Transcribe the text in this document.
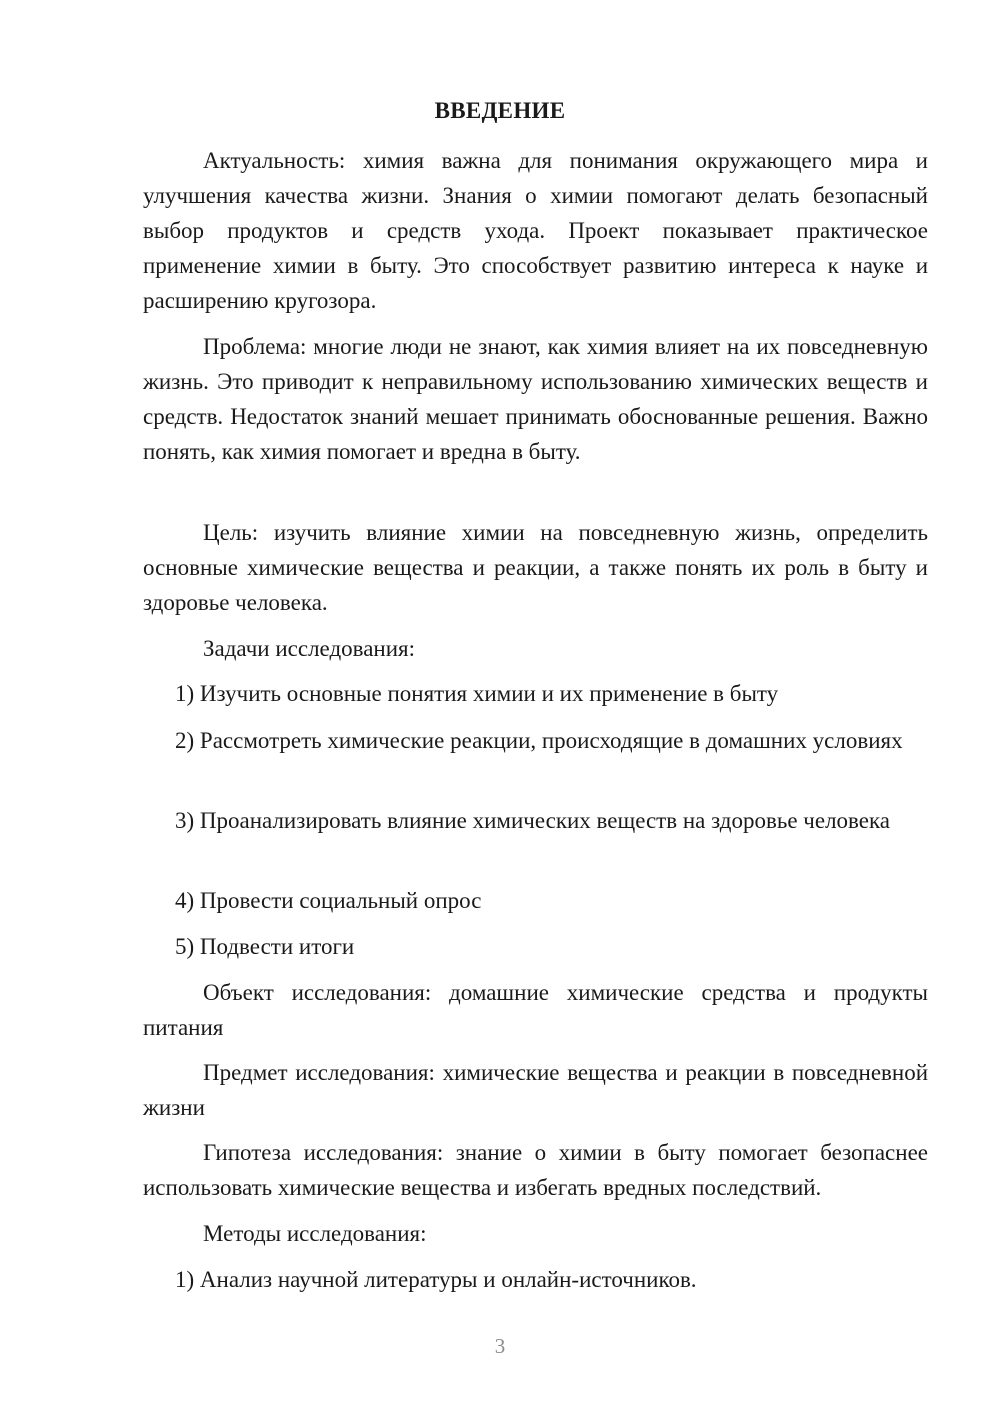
ВВЕДЕНИЕ

Актуальность: химия важна для понимания окружающего мира и улучшения качества жизни. Знания о химии помогают делать безопасный выбор продуктов и средств ухода. Проект показывает практическое применение химии в быту. Это способствует развитию интереса к науке и расширению кругозора.

Проблема: многие люди не знают, как химия влияет на их повседневную жизнь. Это приводит к неправильному использованию химических веществ и средств. Недостаток знаний мешает принимать обоснованные решения. Важно понять, как химия помогает и вредна в быту.

Цель: изучить влияние химии на повседневную жизнь, определить основные химические вещества и реакции, а также понять их роль в быту и здоровье человека.

Задачи исследования:

1) Изучить основные понятия химии и их применение в быту

2) Рассмотреть химические реакции, происходящие в домашних условиях

3) Проанализировать влияние химических веществ на здоровье человека

4) Провести социальный опрос

5) Подвести итоги

Объект исследования: домашние химические средства и продукты питания

Предмет исследования: химические вещества и реакции в повседневной жизни

Гипотеза исследования: знание о химии в быту помогает безопаснее использовать химические вещества и избегать вредных последствий.

Методы исследования:

1) Анализ научной литературы и онлайн-источников.

3
